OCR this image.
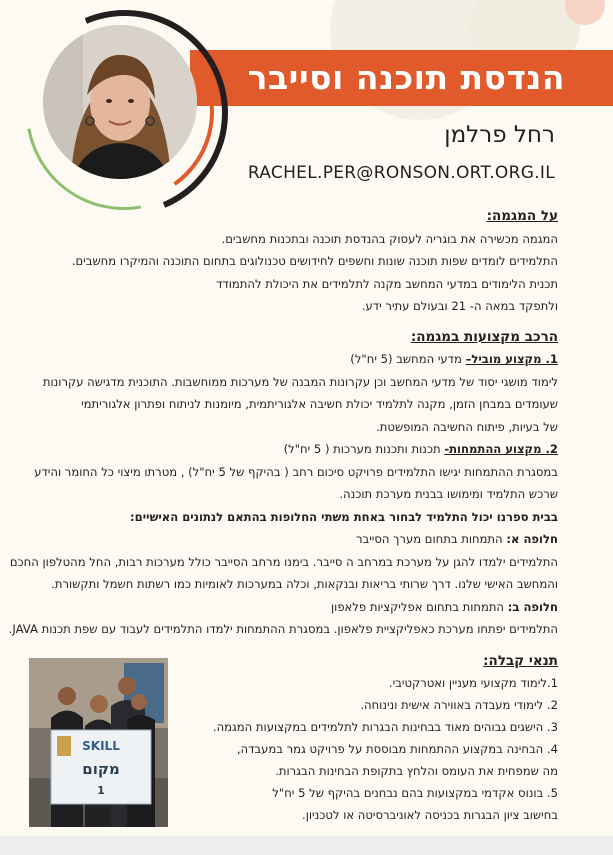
הנדסת תוכנה וסייבר
רחל פרלמן
RACHEL.PER@RONSON.ORT.ORG.IL

על המגמה:

המגמה מכשירה את בוגריה לעסוק בהנדסת תוכנה ובתכנות מחשבים.

התלמידים לומדים שפות תוכנה שונות וחשפים לחידושים טכנולוגים בתחום התוכנה והמיקרו מחשבים.

תכנית הלימודים במדעי המחשב מקנה לתלמידים את היכולת להתמודד

ולתפקד במאה ה- 21 ובעולם עתיר ידע.

הרכב מקצועות במגמה:

1. מקצוע מוביל– מדעי המחשב (5 יח"ל)

לימוד מושגי יסוד של מדעי המחשב וכן עקרונות המבנה של מערכות ממוחשבות. התוכנית מדגישה עקרונות

שעומדים במבחן הזמן, מקנה לתלמיד יכולת חשיבה אלגוריתמית, מיומנות לניתוח ופתרון אלגוריתמי

של בעיות, פיתוח החשיבה המופשטת.

2. מקצוע ההתמחות- תכנות ותכנות מערכות ( 5 יח"ל)

במסגרת ההתמחות יגישו התלמידים פרויקט סיכום רחב ( בהיקף של 5 יח"ל) , מטרתו מיצוי כל החומר והידע

שרכש התלמיד ומימושו בבנית מערכת תוכנה.

בבית ספרנו יכול התלמיד לבחור באחת משתי החלופות בהתאם לנתונים האישיים:

חלופה א: התמחות בתחום מערך הסייבר

התלמידים ילמדו להגן על מערכת במרחב ה סייבר. בימנו מרחב הסייבר כולל מערכות רבות, החל מהטלפון החכם

והמחשב האישי שלנו. דרך שרותי בריאות ובנקאות, וכלה במערכות לאומיות כמו רשתות חשמל ותקשורת.

חלופה ב: התמחות בתחום אפליקציות פלאפון

התלמידים יפתחו מערכת כאפליקציית פלאפון. במסגרת ההתמחות ילמדו התלמידים לעבוד עם שפת תכנות JAVA.

SKILL
מקום
1

תנאי קבלה:

1.לימוד מקצועי מעניין ואטרקטיבי.

2. לימודי מעבדה באווירה אישית ונינוחה.

3. הישגים גבוהים מאוד בבחינות הבגרות לתלמידים במקצועות המגמה.

4. הבחינה במקצוע ההתמחות מבוססת על פרויקט גמר במעבדה,

מה שמפחית את העומס והלחץ בתקופת הבחינות הבגרות.

5. בונוס אקדמי במקצועות בהם נבחנים בהיקף של 5 יח"ל

בחישוב ציון הבגרות בכניסה לאוניברסיטה או לטכניון.
